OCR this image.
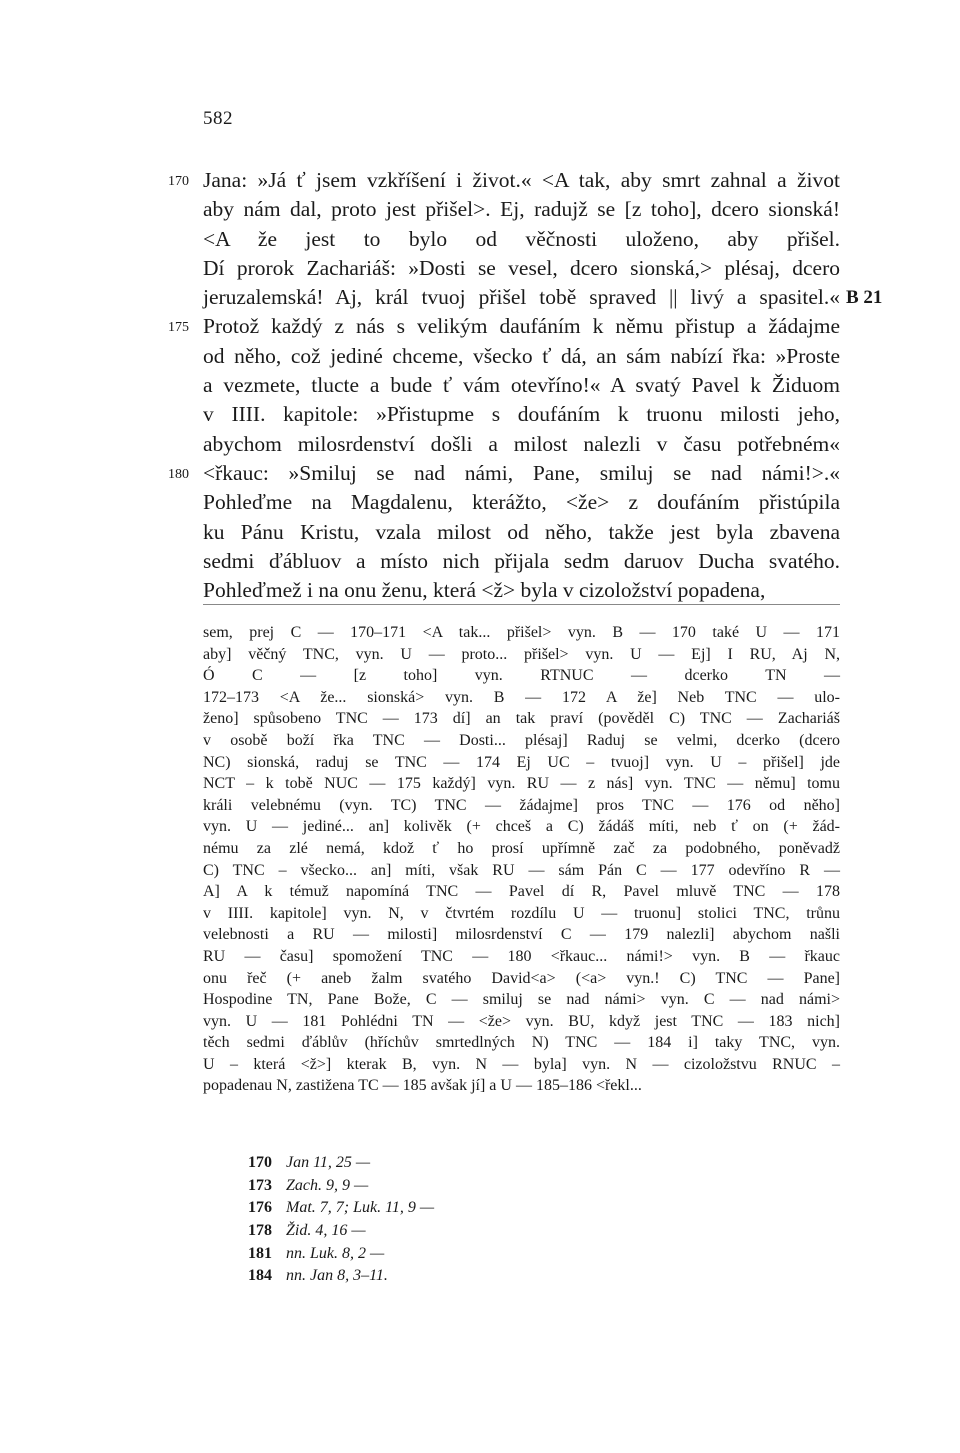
582
170 Jana: »Já ť jsem vzkříšení i život.« <A tak, aby smrt zahnal a život
aby nám dal, proto jest přišel>. Ej, radujž se [z toho], dcero sionská!
<A že jest to bylo od věčnosti uloženo, aby přišel.
Dí prorok Zachariáš: »Dosti se vesel, dcero sionská,> plésaj, dcero
jeruzalemská! Aj, král tvuoj přišel tobě spraved || livý a spasitel.« B 21
175 Protož každý z nás s velikým daufáním k němu přistup a žádajme
od něho, což jediné chceme, všecko ť dá, an sám nabízí řka: »Proste
a vezmete, tlucte a bude ť vám otevříno!« A svatý Pavel k Židuom
v IIII. kapitole: »Přistupme s doufáním k truonu milosti jeho,
abychom milosrdenství došli a milost nalezli v času potřebném«
180 <řkauc: »Smiluj se nad námi, Pane, smiluj se nad námi!>.«
Pohleďme na Magdalenu, kterážto, <že> z doufáním přistúpila
ku Pánu Kristu, vzala milost od něho, takže jest byla zbavena
sedmi ďábluov a místo nich přijala sedm daruov Ducha svatého.
Pohleďmež i na onu ženu, která <ž> byla v cizoložství popadena,
sem, prej C — 170–171 <A tak... přišel> vyn. B — 170 také U — 171
aby] věčný TNC, vyn. U — proto... přišel> vyn. U — Ej] I RU, Aj N,
Ó C — [z toho] vyn. RTNUC — dcerko TN —
172–173 <A že... sionská> vyn. B — 172 A že] Neb TNC — ulo-
ženo] spůsobeno TNC — 173 dí] an tak praví (pověděl C) TNC — Zachariáš
v osobě boží řka TNC — Dosti... plésaj] Raduj se velmi, dcerko (dcero
NC) sionská, raduj se TNC — 174 Ej UC – tvuoj] vyn. U – přišel] jde
NCT – k tobě NUC — 175 každý] vyn. RU — z nás] vyn. TNC — němu] tomu
králi velebnému (vyn. TC) TNC — žádajme] pros TNC — 176 od něho]
vyn. U — jediné... an] kolivěk (+ chceš a C) žádáš míti, neb ť on (+ žád-
nému za zlé nemá, kdož ť ho prosí upřímně zač za podobného, poněvadž
C) TNC – všecko... an] míti, však RU — sám Pán C — 177 odevříno R —
A] A k témuž napomíná TNC — Pavel dí R, Pavel mluvě TNC — 178
v IIII. kapitole] vyn. N, v čtvrtém rozdílu U — truonu] stolici TNC, trůnu
velebnosti a RU — milosti] milosrdenství C — 179 nalezli] abychom našli
RU — času] spomožení TNC — 180 <řkauc... námi!> vyn. B — řkauc
onu řeč (+ aneb žalm svatého David<a> (<a> vyn.! C) TNC — Pane]
Hospodine TN, Pane Bože, C — smiluj se nad námi> vyn. C — nad námi>
vyn. U — 181 Pohlédni TN — <že> vyn. BU, když jest TNC — 183 nich]
těch sedmi ďáblův (hříchův smrtedlných N) TNC — 184 i] taky TNC, vyn.
U – která <ž>] kterak B, vyn. N — byla] vyn. N — cizoložstvu RNUC –
popadenau N, zastižena TC — 185 avšak jí] a U — 185–186 <řekl...
170 Jan 11, 25 —
173 Zach. 9, 9 —
176 Mat. 7, 7; Luk. 11, 9 —
178 Žid. 4, 16 —
181 nn. Luk. 8, 2 —
184 nn. Jan 8, 3–11.
